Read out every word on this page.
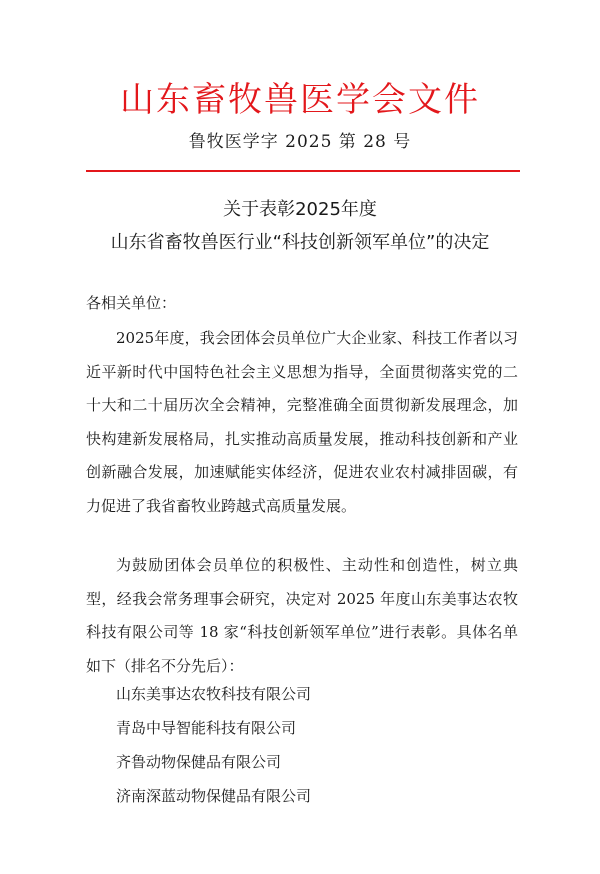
山东畜牧兽医学会文件
鲁牧医学字 2025 第 28 号
关于表彰2025年度
山东省畜牧兽医行业“科技创新领军单位”的决定
各相关单位：
2025年度，我会团体会员单位广大企业家、科技工作者以习近平新时代中国特色社会主义思想为指导，全面贯彻落实党的二十大和二十届历次全会精神，完整准确全面贯彻新发展理念，加快构建新发展格局，扎实推动高质量发展，推动科技创新和产业创新融合发展，加速赋能实体经济，促进农业农村减排固碳，有力促进了我省畜牧业跨越式高质量发展。
为鼓励团体会员单位的积极性、主动性和创造性，树立典型，经我会常务理事会研究，决定对 2025 年度山东美事达农牧科技有限公司等 18 家“科技创新领军单位”进行表彰。具体名单如下（排名不分先后）：
山东美事达农牧科技有限公司
青岛中导智能科技有限公司
齐鲁动物保健品有限公司
济南深蓝动物保健品有限公司
